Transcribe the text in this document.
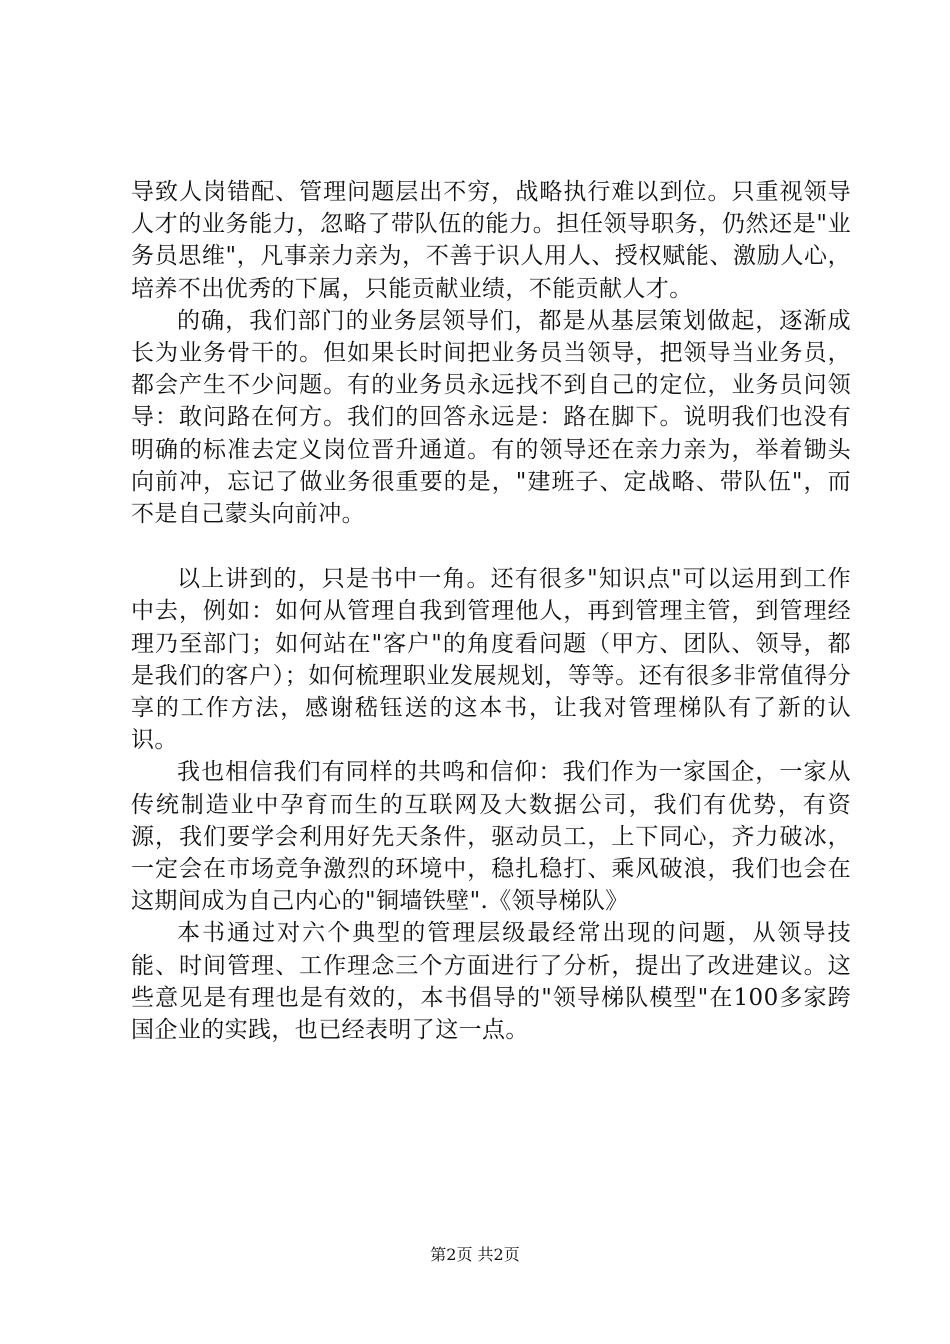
导致人岗错配、管理问题层出不穷，战略执行难以到位。只重视领导人才的业务能力，忽略了带队伍的能力。担任领导职务，仍然还是"业务员思维"，凡事亲力亲为，不善于识人用人、授权赋能、激励人心，培养不出优秀的下属，只能贡献业绩，不能贡献人才。

的确，我们部门的业务层领导们，都是从基层策划做起，逐渐成长为业务骨干的。但如果长时间把业务员当领导，把领导当业务员，都会产生不少问题。有的业务员永远找不到自己的定位，业务员问领导：敢问路在何方。我们的回答永远是：路在脚下。说明我们也没有明确的标准去定义岗位晋升通道。有的领导还在亲力亲为，举着锄头向前冲，忘记了做业务很重要的是，"建班子、定战略、带队伍"，而不是自己蒙头向前冲。

以上讲到的，只是书中一角。还有很多"知识点"可以运用到工作中去，例如：如何从管理自我到管理他人，再到管理主管，到管理经理乃至部门；如何站在"客户"的角度看问题（甲方、团队、领导，都是我们的客户）；如何梳理职业发展规划，等等。还有很多非常值得分享的工作方法，感谢嵇钰送的这本书，让我对管理梯队有了新的认识。

我也相信我们有同样的共鸣和信仰：我们作为一家国企，一家从传统制造业中孕育而生的互联网及大数据公司，我们有优势，有资源，我们要学会利用好先天条件，驱动员工，上下同心，齐力破冰，一定会在市场竞争激烈的环境中，稳扎稳打、乘风破浪，我们也会在这期间成为自己内心的"铜墙铁壁".《领导梯队》

本书通过对六个典型的管理层级最经常出现的问题，从领导技能、时间管理、工作理念三个方面进行了分析，提出了改进建议。这些意见是有理也是有效的，本书倡导的"领导梯队模型"在100多家跨国企业的实践，也已经表明了这一点。

第2页 共2页
